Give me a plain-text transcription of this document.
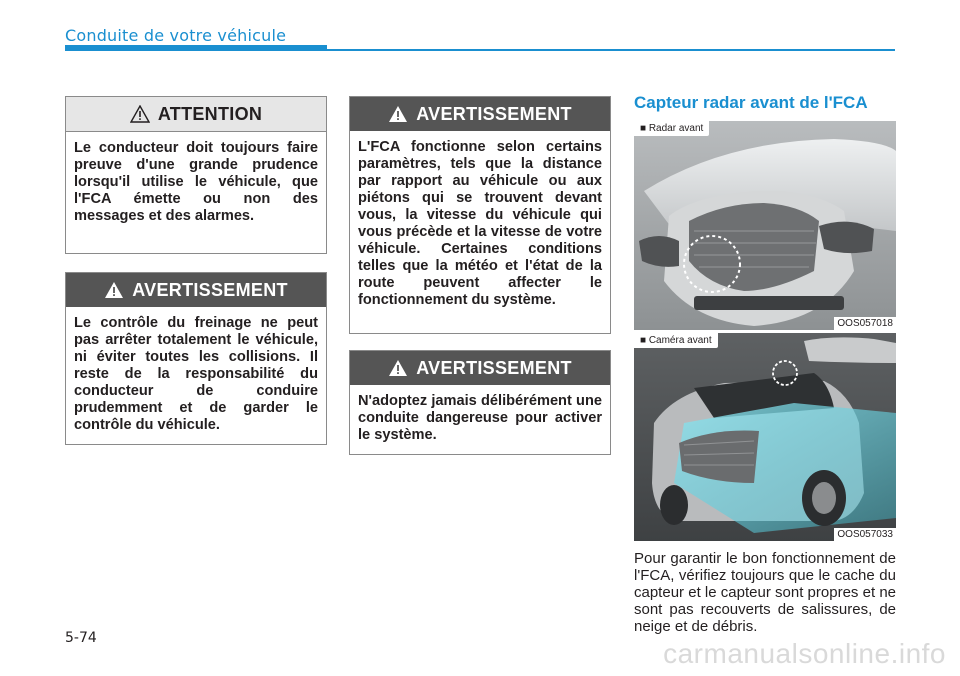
Conduite de votre véhicule
ATTENTION
Le conducteur doit toujours faire preuve d'une grande prudence lorsqu'il utilise le véhicule, que l'FCA émette ou non des messages et des alarmes.
AVERTISSEMENT
Le contrôle du freinage ne peut pas arrêter totalement le véhicule, ni éviter toutes les collisions. Il reste de la responsabilité du conducteur de conduire prudemment et de garder le contrôle du véhicule.
AVERTISSEMENT
L'FCA fonctionne selon certains paramètres, tels que la distance par rapport au véhicule ou aux piétons qui se trouvent devant vous, la vitesse du véhicule qui vous précède et la vitesse de votre véhicule. Certaines conditions telles que la météo et l'état de la route peuvent affecter le fonctionnement du système.
AVERTISSEMENT
N'adoptez jamais délibérément une conduite dangereuse pour activer le système.
Capteur radar avant de l'FCA
■ Radar avant
OOS057018
■ Caméra avant
OOS057033
Pour garantir le bon fonctionnement de l'FCA, vérifiez toujours que le cache du capteur et le capteur sont propres et ne sont pas recouverts de salissures, de neige et de débris.
5-74	carmanualsonline.info
